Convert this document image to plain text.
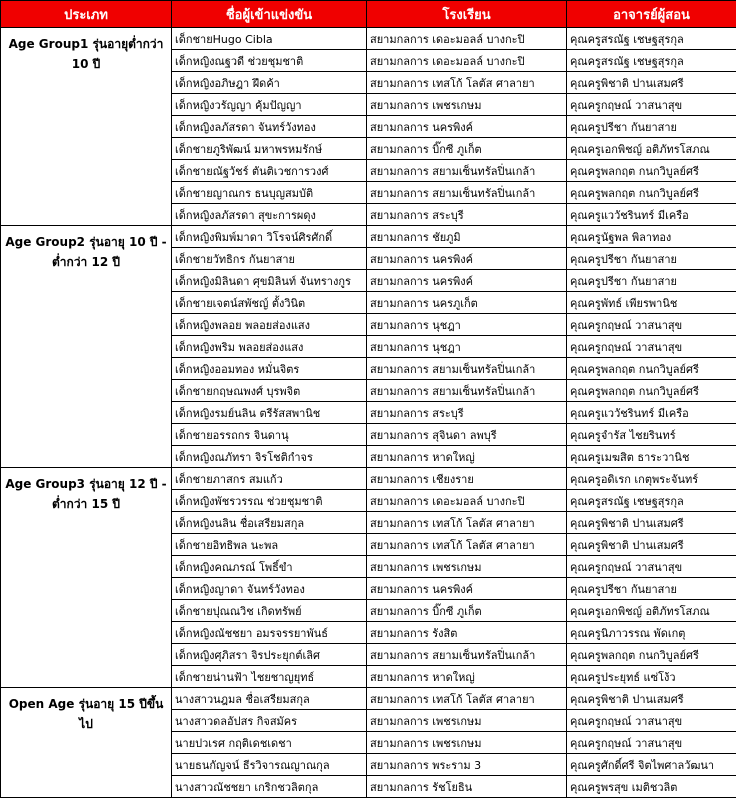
ประเภท	ชื่อผู้เข้าแข่งขัน	โรงเรียน	อาจารย์ผู้สอน
Age Group1 รุ่นอายุต่ำกว่า 10 ปี	เด็กชายHugo Cibla	สยามกลการ เดอะมอลล์ บางกะปิ	คุณครูสรณัฐ เชษฐสุรกุล
	เด็กหญิงณฐวดี ช่วยชุมชาติ	สยามกลการ เดอะมอลล์ บางกะปิ	คุณครูสรณัฐ เชษฐสุรกุล
	เด็กหญิงอภิษฎา ฝึดค้า	สยามกลการ เทสโก้ โลตัส ศาลายา	คุณครูพิชาติ ปานเสมศรี
	เด็กหญิงวรัญญา คุ้มปัญญา	สยามกลการ เพชรเกษม	คุณครูกฤษณ์ วาสนาสุข
	เด็กหญิงลภัสรดา จันทร์วังทอง	สยามกลการ นครพิงค์	คุณครูปรีชา กันยาสาย
	เด็กชายภูริพัฒน์ มหาพรหมรักษ์	สยามกลการ บิ๊กซี ภูเก็ต	คุณครูเอกพิชญ์ อติภัทรโสภณ
	เด็กชายณัฐวัชร์ ตันติเวชการวงศ์	สยามกลการ สยามเซ็นทรัลปิ่นเกล้า	คุณครูพลกฤต กนกวิบูลย์ศรี
	เด็กชายญาณกร ธนบุญสมบัติ	สยามกลการ สยามเซ็นทรัลปิ่นเกล้า	คุณครูพลกฤต กนกวิบูลย์ศรี
	เด็กหญิงลภัสรดา สุขะการผดุง	สยามกลการ สระบุรี	คุณครูแววัชรินทร์ มีเครือ
Age Group2 รุ่นอายุ 10 ปี - ต่ำกว่า 12 ปี	เด็กหญิงพิมพ์มาดา วิโรจน์ศิรศักดิ์	สยามกลการ ชัยภูมิ	คุณครูนัฐพล พิลาทอง
	เด็กชายวัทธิกร กันยาสาย	สยามกลการ นครพิงค์	คุณครูปรีชา กันยาสาย
	เด็กหญิงมิลินดา ศุขมิลินท์ จันทรางกูร	สยามกลการ นครพิงค์	คุณครูปรีชา กันยาสาย
	เด็กชายเจตน์สพัชญ์ ตั้งวินิต	สยามกลการ นครภูเก็ต	คุณครูพัทธ์ เพียรพานิช
	เด็กหญิงพลอย พลอยส่องแสง	สยามกลการ นุชฎา	คุณครูกฤษณ์ วาสนาสุข
	เด็กหญิงพริม พลอยส่องแสง	สยามกลการ นุชฎา	คุณครูกฤษณ์ วาสนาสุข
	เด็กหญิงออมทอง หมั่นจิตร	สยามกลการ สยามเซ็นทรัลปิ่นเกล้า	คุณครูพลกฤต กนกวิบูลย์ศรี
	เด็กชายกฤษณพงศ์ บุรพจิต	สยามกลการ สยามเซ็นทรัลปิ่นเกล้า	คุณครูพลกฤต กนกวิบูลย์ศรี
	เด็กหญิงรมย์นลิน ตรีรัสสพานิช	สยามกลการ สระบุรี	คุณครูแววัชรินทร์ มีเครือ
	เด็กชายอรรถกร จินดานุ	สยามกลการ สุจินดา ลพบุรี	คุณครูจำรัส ไชยรินทร์
	เด็กหญิงณภัทรา จิรโชติกำจร	สยามกลการ หาดใหญ่	คุณครูเมฆสิต ธาระวานิช
Age Group3 รุ่นอายุ 12 ปี - ต่ำกว่า 15 ปี	เด็กชายภาสกร สมแก้ว	สยามกลการ เชียงราย	คุณครูอดิเรก เกตุพระจันทร์
	เด็กหญิงพัชรวรรณ ช่วยชุมชาติ	สยามกลการ เดอะมอลล์ บางกะปิ	คุณครูสรณัฐ เชษฐสุรกุล
	เด็กหญิงนลิน ชื่อเสรียมสกุล	สยามกลการ เทสโก้ โลตัส ศาลายา	คุณครูพิชาติ ปานเสมศรี
	เด็กชายอิทธิพล นะพล	สยามกลการ เทสโก้ โลตัส ศาลายา	คุณครูพิชาติ ปานเสมศรี
	เด็กหญิงคณภรณ์ โพธิ์ขำ	สยามกลการ เพชรเกษม	คุณครูกฤษณ์ วาสนาสุข
	เด็กหญิงญาดา จันทร์วังทอง	สยามกลการ นครพิงค์	คุณครูปรีชา กันยาสาย
	เด็กชายปุณณวิช เกิดทรัพย์	สยามกลการ บิ๊กซี ภูเก็ต	คุณครูเอกพิชญ์ อติภัทรโสภณ
	เด็กหญิงณัชชยา อมรจรรยาพันธ์	สยามกลการ รังสิต	คุณครูนิภาวรรณ พัดเกตุ
	เด็กหญิงศุภิสรา จิรประยุกต์เลิศ	สยามกลการ สยามเซ็นทรัลปิ่นเกล้า	คุณครูพลกฤต กนกวิบูลย์ศรี
	เด็กชายน่านฟ้า ไชยชาญยุทธ์	สยามกลการ หาดใหญ่	คุณครูประยุทธ์ แซ่โง้ว
Open Age รุ่นอายุ 15 ปีขึ้นไป	นางสาวนฎมล ชื่อเสรียมสกุล	สยามกลการ เทสโก้ โลตัส ศาลายา	คุณครูพิชาติ ปานเสมศรี
	นางสาวดลอัปสร กิจสมัคร	สยามกลการ เพชรเกษม	คุณครูกฤษณ์ วาสนาสุข
	นายปวเรศ กฤติเดชเดชา	สยามกลการ เพชรเกษม	คุณครูกฤษณ์ วาสนาสุข
	นายธนกัญจน์ ธีรวิจารณญาณกุล	สยามกลการ พระราม 3	คุณครูศักดิ์ศรี จิตไพศาลวัฒนา
	นางสาวณัชชยา เกริกชวลิตกุล	สยามกลการ รัชโยธิน	คุณครูพรสุข เมติชวลิต
